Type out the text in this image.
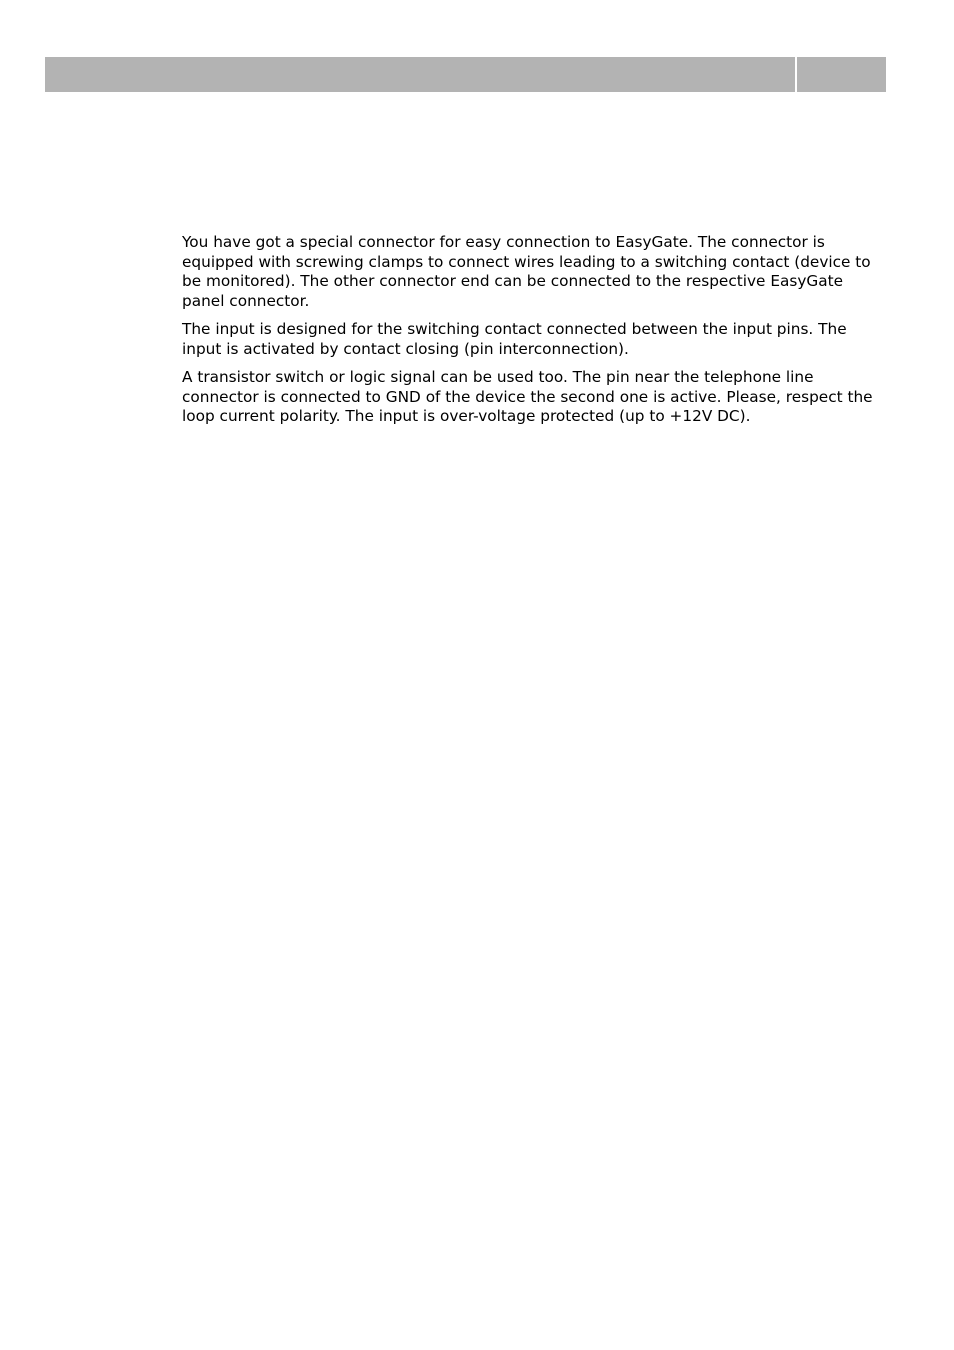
You have got a special connector for easy connection to EasyGate. The connector is equipped with screwing clamps to connect wires leading to a switching contact (device to be monitored). The other connector end can be connected to the respective EasyGate panel connector.

The input is designed for the switching contact connected between the input pins. The input is activated by contact closing (pin interconnection).

A transistor switch or logic signal can be used too. The pin near the telephone line connector is connected to GND of the device the second one is active. Please, respect the loop current polarity. The input is over-voltage protected (up to +12V DC).
